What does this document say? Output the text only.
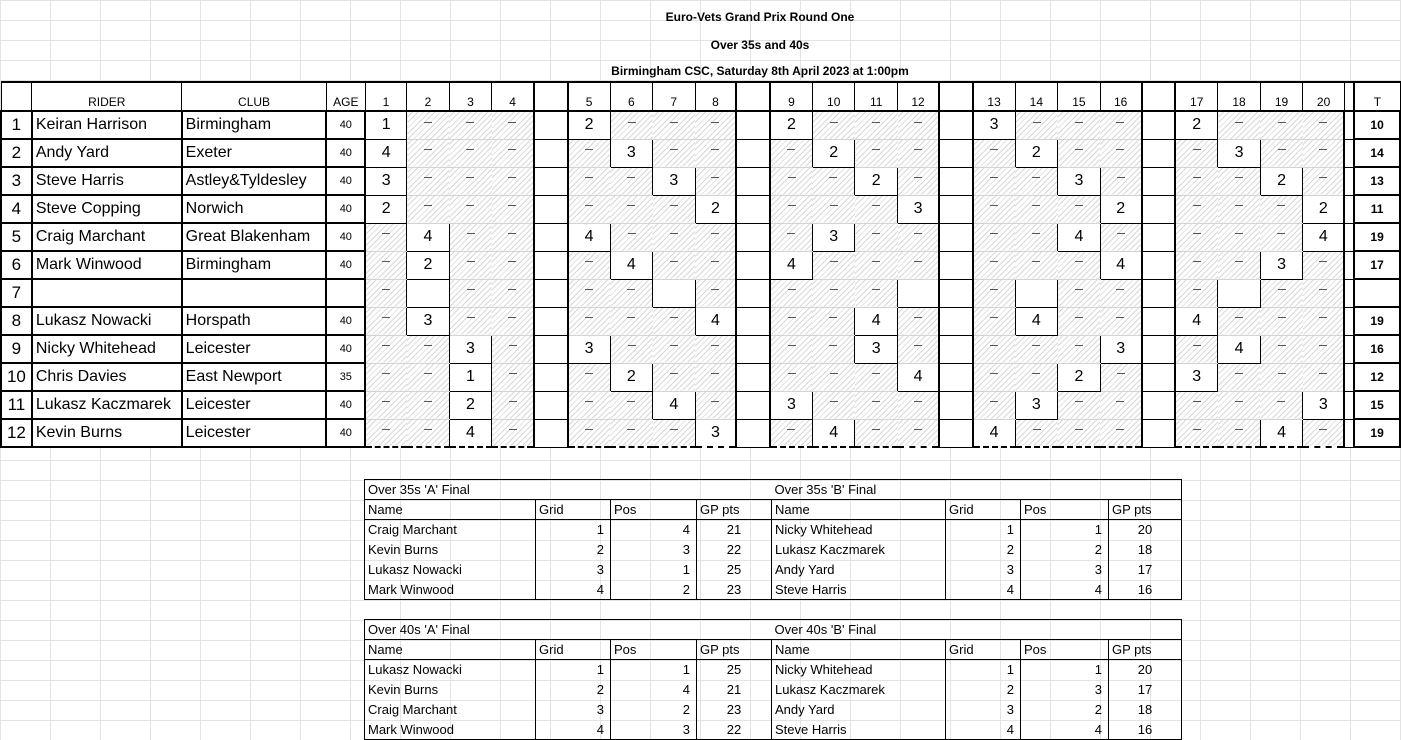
Euro-Vets Grand Prix Round One
Over 35s and 40s
Birmingham CSC, Saturday 8th April 2023 at 1:00pm
	RIDER	CLUB	AGE	1	2	3	4		5	6	7	8		9	10	11	12		13	14	15	16		17	18	19	20		T
1	Keiran Harrison	Birmingham	40	1					2					2					3					2					10
2	Andy Yard	Exeter	40	4						3					2					2					3				14
3	Steve Harris	Astley&Tyldesley	40	3							3					2					3					2			13
4	Steve Copping	Norwich	40	2								2					3					2					2		11
5	Craig Marchant	Great Blakenham	40		4				4						3						4						4		19
6	Mark Winwood	Birmingham	40		2					4				4								4				3			17
7																													
8	Lukasz Nowacki	Horspath	40		3							4				4				4				4					19
9	Nicky Whitehead	Leicester	40			3			3							3						3			4				16
10	Chris Davies	East Newport	35			1				2							4				2			3					12
11	Lukasz Kaczmarek	Leicester	40			2					4			3						3							3		15
12	Kevin Burns	Leicester	40			4						3			4				4							4			19
Over 35s 'A' Final				Over 35s 'B' Final			
Name	Grid	Pos	GP pts	Name	Grid	Pos	GP pts
Craig Marchant	1	4	21	Nicky Whitehead	1	1	20
Kevin Burns	2	3	22	Lukasz Kaczmarek	2	2	18
Lukasz Nowacki	3	1	25	Andy Yard	3	3	17
Mark Winwood	4	2	23	Steve Harris	4	4	16
Over 40s 'A' Final				Over 40s 'B' Final			
Name	Grid	Pos	GP pts	Name	Grid	Pos	GP pts
Lukasz Nowacki	1	1	25	Nicky Whitehead	1	1	20
Kevin Burns	2	4	21	Lukasz Kaczmarek	2	3	17
Craig Marchant	3	2	23	Andy Yard	3	2	18
Mark Winwood	4	3	22	Steve Harris	4	4	16
